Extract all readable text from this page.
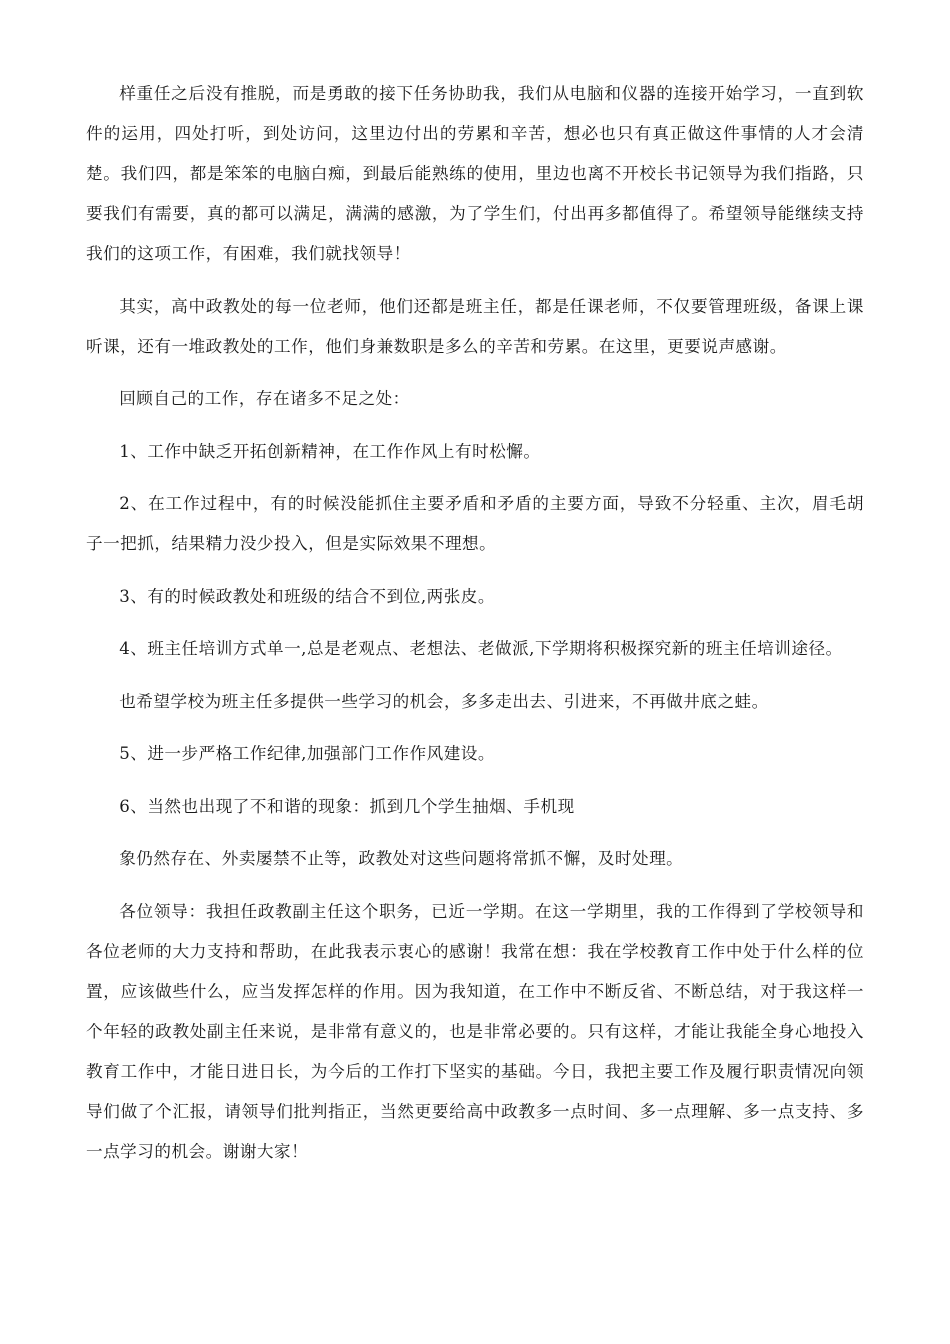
样重任之后没有推脱，而是勇敢的接下任务协助我，我们从电脑和仪器的连接开始学习，一直到软件的运用，四处打听，到处访问，这里边付出的劳累和辛苦，想必也只有真正做这件事情的人才会清楚。我们四，都是笨笨的电脑白痴，到最后能熟练的使用，里边也离不开校长书记领导为我们指路，只要我们有需要，真的都可以满足，满满的感激，为了学生们，付出再多都值得了。希望领导能继续支持我们的这项工作，有困难，我们就找领导！

其实，高中政教处的每一位老师，他们还都是班主任，都是任课老师，不仅要管理班级，备课上课听课，还有一堆政教处的工作，他们身兼数职是多么的辛苦和劳累。在这里，更要说声感谢。

回顾自己的工作，存在诸多不足之处：

1、工作中缺乏开拓创新精神，在工作作风上有时松懈。

2、在工作过程中，有的时候没能抓住主要矛盾和矛盾的主要方面，导致不分轻重、主次，眉毛胡子一把抓，结果精力没少投入，但是实际效果不理想。

3、有的时候政教处和班级的结合不到位,两张皮。

4、班主任培训方式单一,总是老观点、老想法、老做派,下学期将积极探究新的班主任培训途径。

也希望学校为班主任多提供一些学习的机会，多多走出去、引进来，不再做井底之蛙。

5、进一步严格工作纪律,加强部门工作作风建设。

6、当然也出现了不和谐的现象：抓到几个学生抽烟、手机现

象仍然存在、外卖屡禁不止等，政教处对这些问题将常抓不懈，及时处理。

各位领导：我担任政教副主任这个职务，已近一学期。在这一学期里，我的工作得到了学校领导和各位老师的大力支持和帮助，在此我表示衷心的感谢！我常在想：我在学校教育工作中处于什么样的位置，应该做些什么，应当发挥怎样的作用。因为我知道，在工作中不断反省、不断总结，对于我这样一个年轻的政教处副主任来说，是非常有意义的，也是非常必要的。只有这样，才能让我能全身心地投入教育工作中，才能日进日长，为今后的工作打下坚实的基础。今日，我把主要工作及履行职责情况向领导们做了个汇报，请领导们批判指正，当然更要给高中政教多一点时间、多一点理解、多一点支持、多一点学习的机会。谢谢大家！
